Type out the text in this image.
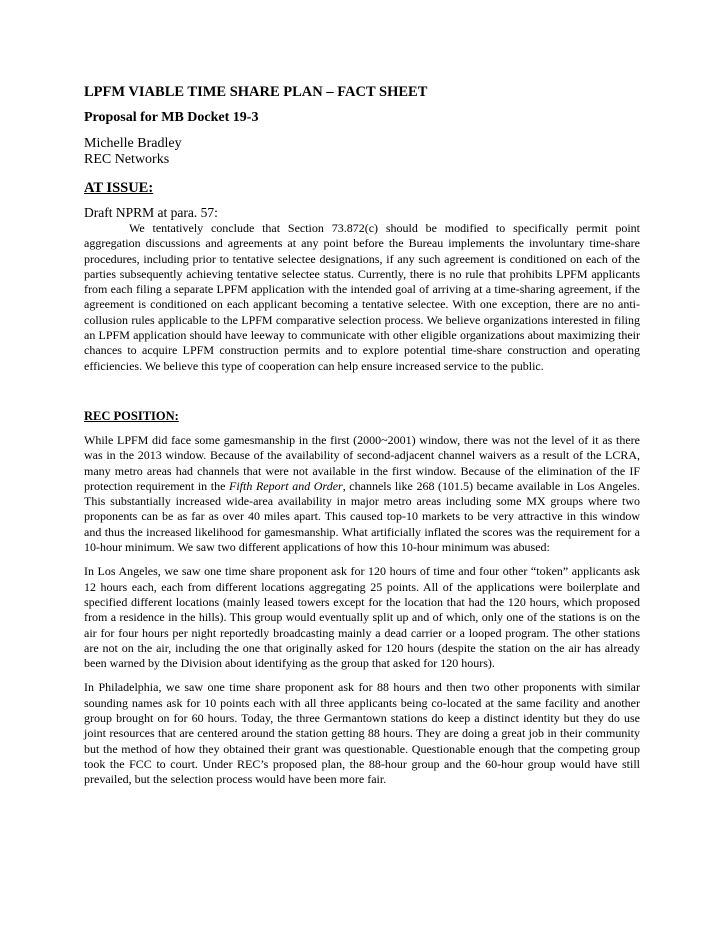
LPFM VIABLE TIME SHARE PLAN – FACT SHEET

Proposal for MB Docket 19-3

Michelle Bradley

REC Networks

AT ISSUE:

Draft NPRM at para. 57:

We tentatively conclude that Section 73.872(c) should be modified to specifically permit point aggregation discussions and agreements at any point before the Bureau implements the involuntary time-share procedures, including prior to tentative selectee designations, if any such agreement is conditioned on each of the parties subsequently achieving tentative selectee status. Currently, there is no rule that prohibits LPFM applicants from each filing a separate LPFM application with the intended goal of arriving at a time-sharing agreement, if the agreement is conditioned on each applicant becoming a tentative selectee. With one exception, there are no anti-collusion rules applicable to the LPFM comparative selection process. We believe organizations interested in filing an LPFM application should have leeway to communicate with other eligible organizations about maximizing their chances to acquire LPFM construction permits and to explore potential time-share construction and operating efficiencies. We believe this type of cooperation can help ensure increased service to the public.

REC POSITION:

While LPFM did face some gamesmanship in the first (2000~2001) window, there was not the level of it as there was in the 2013 window. Because of the availability of second-adjacent channel waivers as a result of the LCRA, many metro areas had channels that were not available in the first window. Because of the elimination of the IF protection requirement in the Fifth Report and Order, channels like 268 (101.5) became available in Los Angeles. This substantially increased wide-area availability in major metro areas including some MX groups where two proponents can be as far as over 40 miles apart. This caused top-10 markets to be very attractive in this window and thus the increased likelihood for gamesmanship. What artificially inflated the scores was the requirement for a 10-hour minimum. We saw two different applications of how this 10-hour minimum was abused:

In Los Angeles, we saw one time share proponent ask for 120 hours of time and four other “token” applicants ask 12 hours each, each from different locations aggregating 25 points. All of the applications were boilerplate and specified different locations (mainly leased towers except for the location that had the 120 hours, which proposed from a residence in the hills). This group would eventually split up and of which, only one of the stations is on the air for four hours per night reportedly broadcasting mainly a dead carrier or a looped program. The other stations are not on the air, including the one that originally asked for 120 hours (despite the station on the air has already been warned by the Division about identifying as the group that asked for 120 hours).

In Philadelphia, we saw one time share proponent ask for 88 hours and then two other proponents with similar sounding names ask for 10 points each with all three applicants being co-located at the same facility and another group brought on for 60 hours. Today, the three Germantown stations do keep a distinct identity but they do use joint resources that are centered around the station getting 88 hours. They are doing a great job in their community but the method of how they obtained their grant was questionable. Questionable enough that the competing group took the FCC to court. Under REC’s proposed plan, the 88-hour group and the 60-hour group would have still prevailed, but the selection process would have been more fair.
